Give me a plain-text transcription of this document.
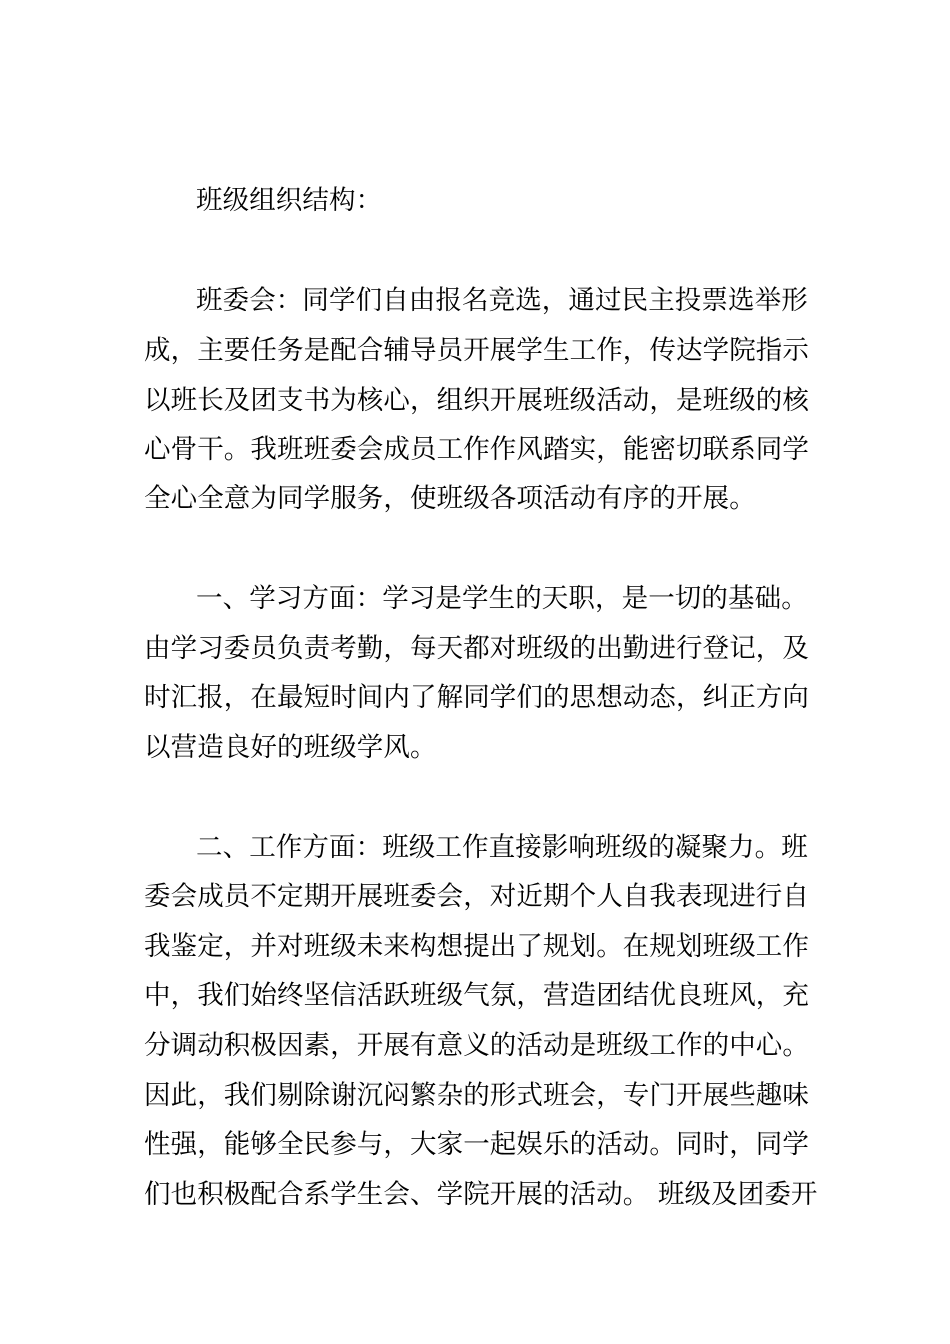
班级组织结构：

班委会：同学们自由报名竞选，通过民主投票选举形

成，主要任务是配合辅导员开展学生工作，传达学院指示

以班长及团支书为核心，组织开展班级活动，是班级的核

心骨干。我班班委会成员工作作风踏实，能密切联系同学

全心全意为同学服务，使班级各项活动有序的开展。

一、学习方面：学习是学生的天职，是一切的基础。

由学习委员负责考勤，每天都对班级的出勤进行登记，及

时汇报，在最短时间内了解同学们的思想动态，纠正方向

以营造良好的班级学风。

二、工作方面：班级工作直接影响班级的凝聚力。班

委会成员不定期开展班委会，对近期个人自我表现进行自

我鉴定，并对班级未来构想提出了规划。在规划班级工作

中，我们始终坚信活跃班级气氛，营造团结优良班风，充

分调动积极因素，开展有意义的活动是班级工作的中心。

因此，我们剔除谢沉闷繁杂的形式班会，专门开展些趣味

性强，能够全民参与，大家一起娱乐的活动。同时，同学

们也积极配合系学生会、学院开展的活动。 班级及团委开
